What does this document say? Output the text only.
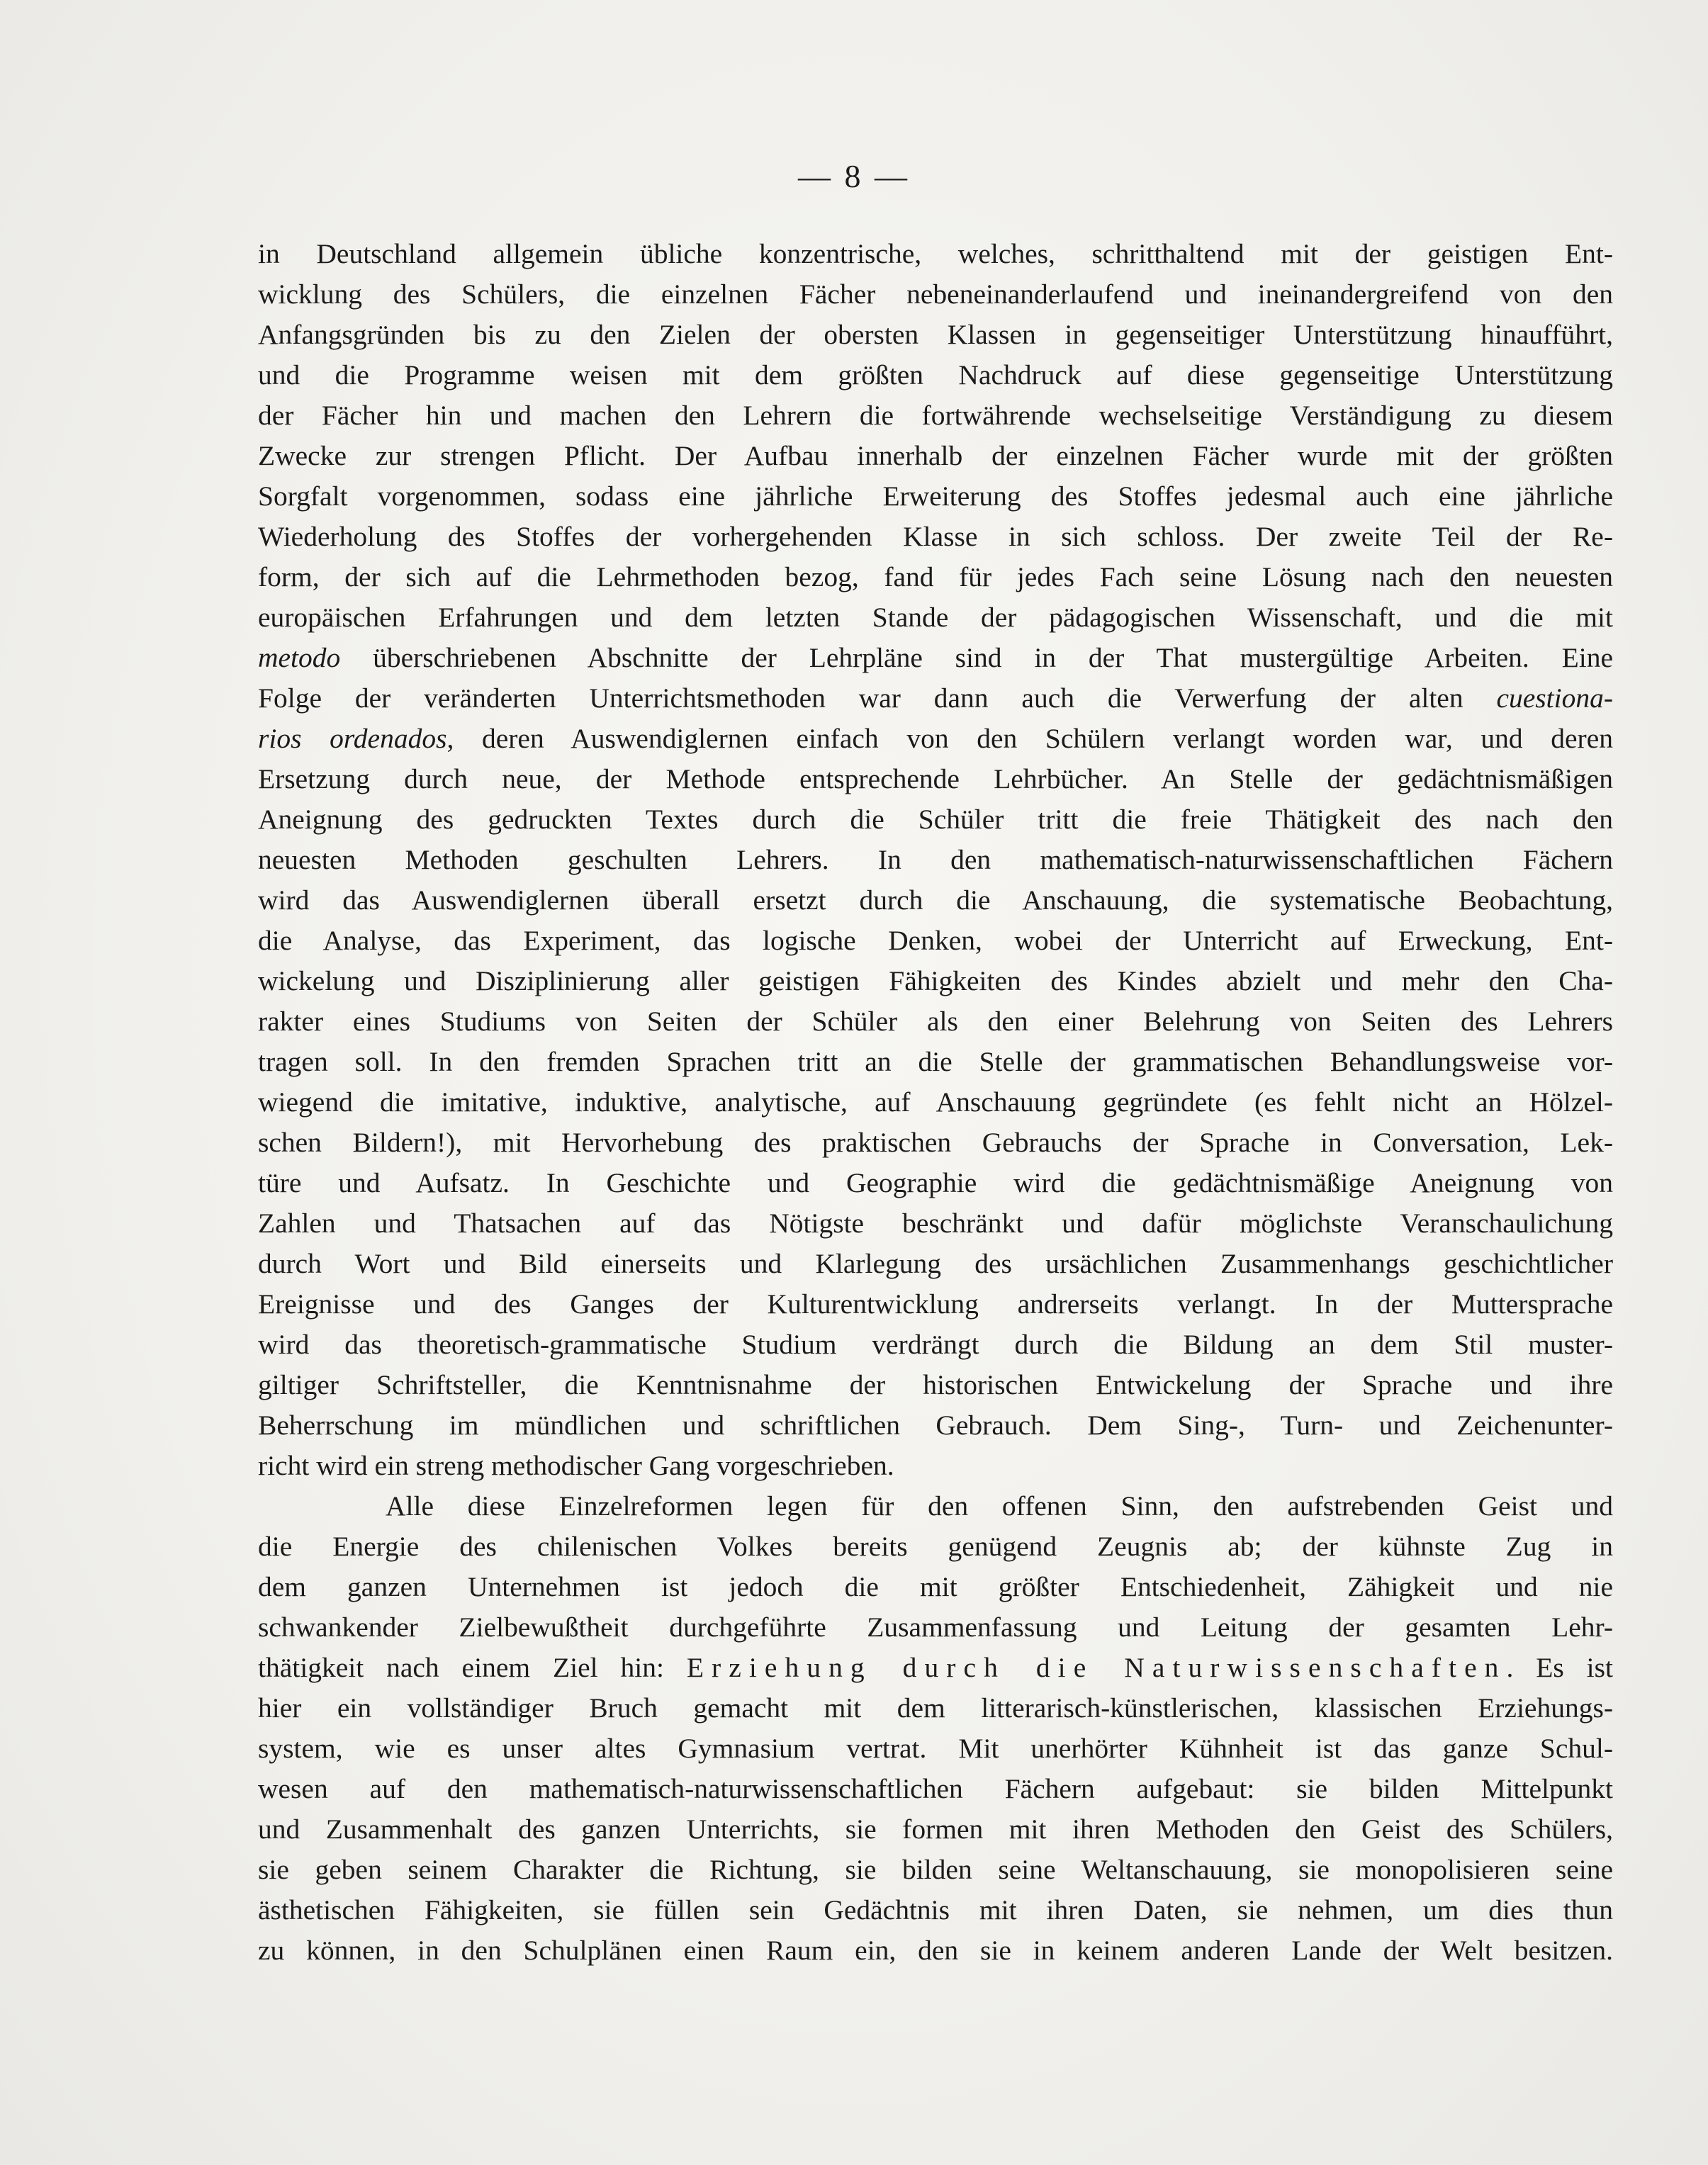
— 8 —
in Deutschland allgemein übliche konzentrische, welches, schritthaltend mit der geistigen Ent-
wicklung des Schülers, die einzelnen Fächer nebeneinanderlaufend und ineinandergreifend von den
Anfangsgründen bis zu den Zielen der obersten Klassen in gegenseitiger Unterstützung hinaufführt,
und die Programme weisen mit dem größten Nachdruck auf diese gegenseitige Unterstützung
der Fächer hin und machen den Lehrern die fortwährende wechselseitige Verständigung zu diesem
Zwecke zur strengen Pflicht. Der Aufbau innerhalb der einzelnen Fächer wurde mit der größten
Sorgfalt vorgenommen, sodass eine jährliche Erweiterung des Stoffes jedesmal auch eine jährliche
Wiederholung des Stoffes der vorhergehenden Klasse in sich schloss. Der zweite Teil der Re-
form, der sich auf die Lehrmethoden bezog, fand für jedes Fach seine Lösung nach den neuesten
europäischen Erfahrungen und dem letzten Stande der pädagogischen Wissenschaft, und die mit
metodo überschriebenen Abschnitte der Lehrpläne sind in der That mustergültige Arbeiten. Eine
Folge der veränderten Unterrichtsmethoden war dann auch die Verwerfung der alten cuestiona-
rios ordenados, deren Auswendiglernen einfach von den Schülern verlangt worden war, und deren
Ersetzung durch neue, der Methode entsprechende Lehrbücher. An Stelle der gedächtnismäßigen
Aneignung des gedruckten Textes durch die Schüler tritt die freie Thätigkeit des nach den
neuesten Methoden geschulten Lehrers. In den mathematisch-naturwissenschaftlichen Fächern
wird das Auswendiglernen überall ersetzt durch die Anschauung, die systematische Beobachtung,
die Analyse, das Experiment, das logische Denken, wobei der Unterricht auf Erweckung, Ent-
wickelung und Disziplinierung aller geistigen Fähigkeiten des Kindes abzielt und mehr den Cha-
rakter eines Studiums von Seiten der Schüler als den einer Belehrung von Seiten des Lehrers
tragen soll. In den fremden Sprachen tritt an die Stelle der grammatischen Behandlungsweise vor-
wiegend die imitative, induktive, analytische, auf Anschauung gegründete (es fehlt nicht an Hölzel-
schen Bildern!), mit Hervorhebung des praktischen Gebrauchs der Sprache in Conversation, Lek-
türe und Aufsatz. In Geschichte und Geographie wird die gedächtnismäßige Aneignung von
Zahlen und Thatsachen auf das Nötigste beschränkt und dafür möglichste Veranschaulichung
durch Wort und Bild einerseits und Klarlegung des ursächlichen Zusammenhangs geschichtlicher
Ereignisse und des Ganges der Kulturentwicklung andrerseits verlangt. In der Muttersprache
wird das theoretisch-grammatische Studium verdrängt durch die Bildung an dem Stil muster-
giltiger Schriftsteller, die Kenntnisnahme der historischen Entwickelung der Sprache und ihre
Beherrschung im mündlichen und schriftlichen Gebrauch. Dem Sing-, Turn- und Zeichenunter-
richt wird ein streng methodischer Gang vorgeschrieben.
Alle diese Einzelreformen legen für den offenen Sinn, den aufstrebenden Geist und
die Energie des chilenischen Volkes bereits genügend Zeugnis ab; der kühnste Zug in
dem ganzen Unternehmen ist jedoch die mit größter Entschiedenheit, Zähigkeit und nie
schwankender Zielbewußtheit durchgeführte Zusammenfassung und Leitung der gesamten Lehr-
thätigkeit nach einem Ziel hin: Erziehung durch die Naturwissenschaften. Es ist
hier ein vollständiger Bruch gemacht mit dem litterarisch-künstlerischen, klassischen Erziehungs-
system, wie es unser altes Gymnasium vertrat. Mit unerhörter Kühnheit ist das ganze Schul-
wesen auf den mathematisch-naturwissenschaftlichen Fächern aufgebaut: sie bilden Mittelpunkt
und Zusammenhalt des ganzen Unterrichts, sie formen mit ihren Methoden den Geist des Schülers,
sie geben seinem Charakter die Richtung, sie bilden seine Weltanschauung, sie monopolisieren seine
ästhetischen Fähigkeiten, sie füllen sein Gedächtnis mit ihren Daten, sie nehmen, um dies thun
zu können, in den Schulplänen einen Raum ein, den sie in keinem anderen Lande der Welt besitzen.
